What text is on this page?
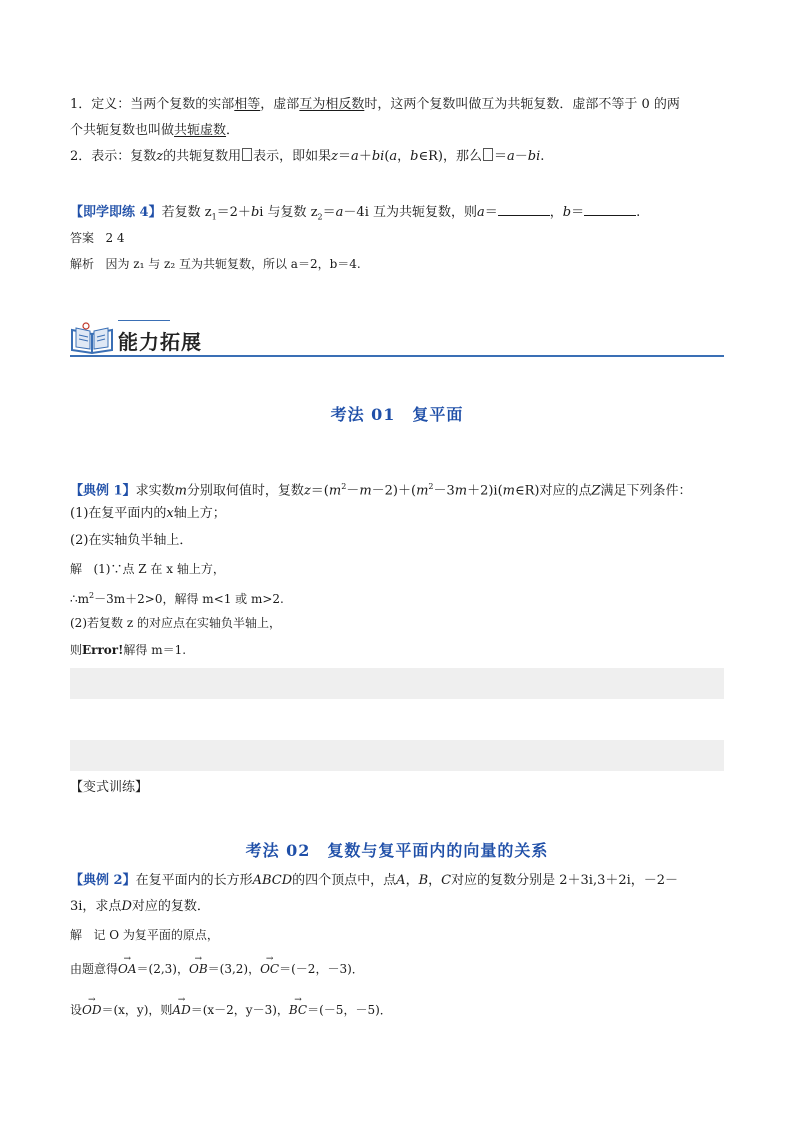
1．定义：当两个复数的实部相等，虚部互为相反数时，这两个复数叫做互为共轭复数．虚部不等于 0 的两
个共轭复数也叫做共轭虚数．
2．表示：复数z的共轭复数用 表示，即如果z＝a＋bi(a，b∈R)，那么 ＝a－bi.
【即学即练 4】若复数 $z_1=2+bi$ 与复数 $z_2=a-4i$ 互为共轭复数，则a＝	，b＝	.
答案 2 4
解析 因为 z₁ 与 z₂ 互为共轭复数，所以 a＝2，b＝4.
能力拓展
考法 01　复平面
【典例 1】求实数m分别取何值时，复数$z=(m^2-m-2)+(m^2-3m+2)i(m\in R)$对应的点Z满足下列条件：
(1)在复平面内的x轴上方；
(2)在实轴负半轴上．
解 (1)∵点 Z 在 x 轴上方，
$\therefore m^2-3m+2>0$，解得 m<1 或 m>2.
(2)若复数 z 的对应点在实轴负半轴上，
则Error!解得 m＝1.
【变式训练】
考法 02　复数与复平面内的向量的关系
【典例 2】在复平面内的长方形ABCD的四个顶点中，点A，B，C对应的复数分别是 2＋3i,3＋2i，－2－
3i，求点D对应的复数．
解 记 O 为复平面的原点，
由题意得→ OA＝(2,3)，→ OB＝(3,2)，→ OC＝(－2，－3)．
设→ OD＝(x，y)，则→ AD＝(x－2，y－3)，→ BC＝(－5，－5)．
